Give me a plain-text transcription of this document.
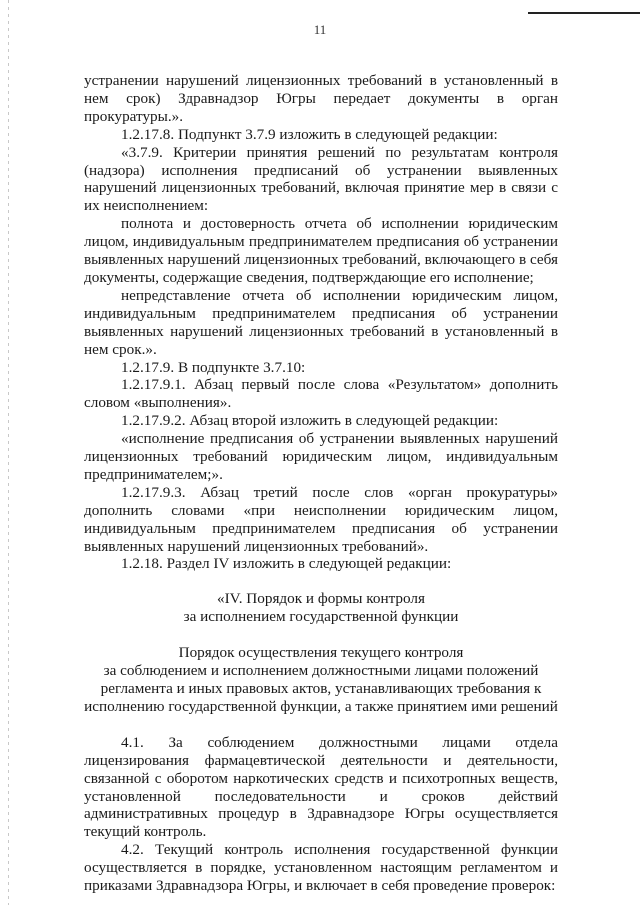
11

устранении нарушений лицензионных требований в установленный в нем срок) Здравнадзор Югры передает документы в орган прокуратуры.».

1.2.17.8. Подпункт 3.7.9 изложить в следующей редакции:

«3.7.9. Критерии принятия решений по результатам контроля (надзора) исполнения предписаний об устранении выявленных нарушений лицензионных требований, включая принятие мер в связи с их неисполнением:

полнота и достоверность отчета об исполнении юридическим лицом, индивидуальным предпринимателем предписания об устранении выявленных нарушений лицензионных требований, включающего в себя документы, содержащие сведения, подтверждающие его исполнение;

непредставление отчета об исполнении юридическим лицом, индивидуальным предпринимателем предписания об устранении выявленных нарушений лицензионных требований в установленный в нем срок.».

1.2.17.9. В подпункте 3.7.10:

1.2.17.9.1. Абзац первый после слова «Результатом» дополнить словом «выполнения».

1.2.17.9.2. Абзац второй изложить в следующей редакции:

«исполнение предписания об устранении выявленных нарушений лицензионных требований юридическим лицом, индивидуальным предпринимателем;».

1.2.17.9.3. Абзац третий после слов «орган прокуратуры» дополнить словами «при неисполнении юридическим лицом, индивидуальным предпринимателем предписания об устранении выявленных нарушений лицензионных требований».

1.2.18. Раздел IV изложить в следующей редакции:

«IV. Порядок и формы контроля

за исполнением государственной функции

Порядок осуществления текущего контроля

за соблюдением и исполнением должностными лицами положений

регламента и иных правовых актов, устанавливающих требования к

исполнению государственной функции, а также принятием ими решений

4.1. За соблюдением должностными лицами отдела лицензирования фармацевтической деятельности и деятельности, связанной с оборотом наркотических средств и психотропных веществ, установленной последовательности и сроков действий административных процедур в Здравнадзоре Югры осуществляется текущий контроль.

4.2. Текущий контроль исполнения государственной функции осуществляется в порядке, установленном настоящим регламентом и приказами Здравнадзора Югры, и включает в себя проведение проверок:
